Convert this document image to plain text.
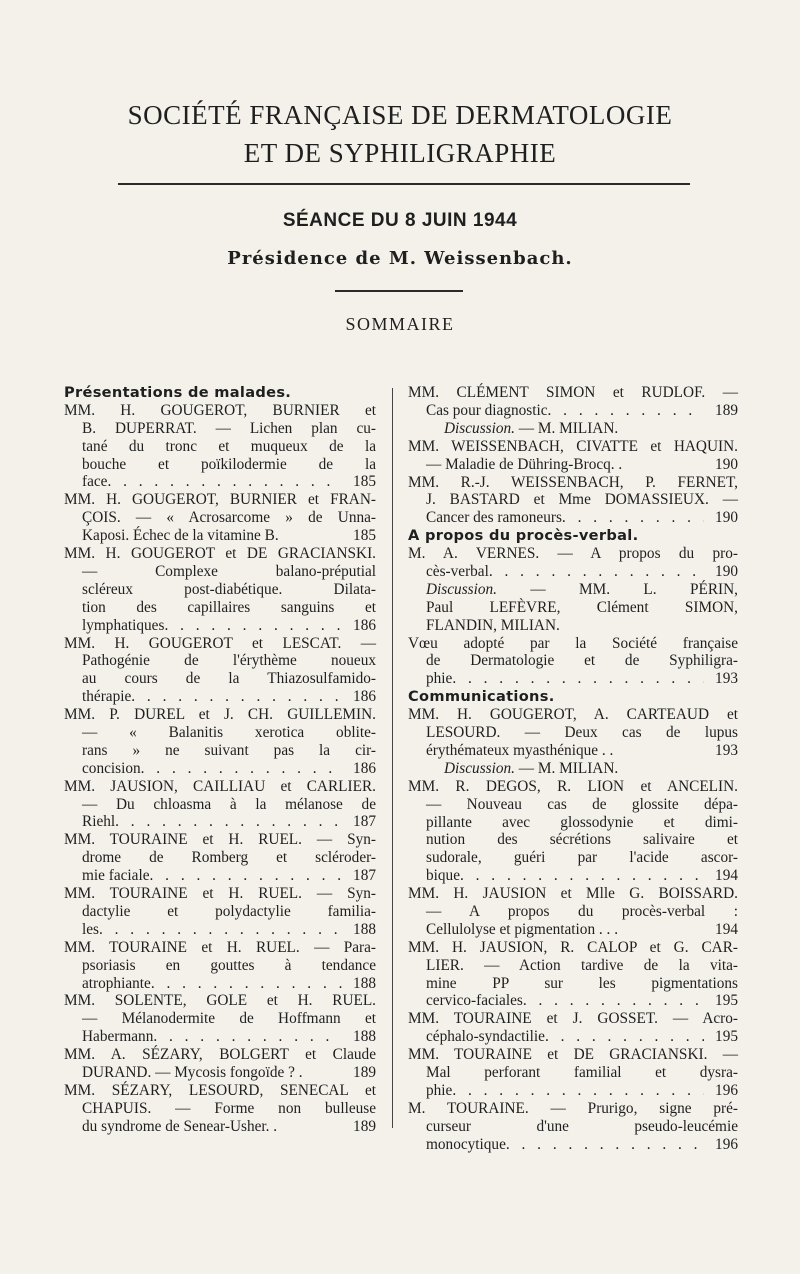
SOCIÉTÉ FRANÇAISE DE DERMATOLOGIE
ET DE SYPHILIGRAPHIE
SÉANCE DU 8 JUIN 1944
Présidence de M. Weissenbach.
SOMMAIRE
Présentations de malades.
MM. H. GOUGEROT, BURNIER et
B. DUPERRAT. — Lichen plan cu-
tané du tronc et muqueux de la
bouche et poïkilodermie de la
face . . .	185
MM. H. GOUGEROT, BURNIER et FRAN-
ÇOIS. — « Acrosarcome » de Unna-
Kaposi. Échec de la vitamine B.	185
MM. H. GOUGEROT et DE GRACIANSKI.
— Complexe balano-préputial
scléreux post-diabétique. Dilata-
tion des capillaires sanguins et
lymphatiques . . .	186
MM. H. GOUGEROT et LESCAT. —
Pathogénie de l'érythème noueux
au cours de la Thiazosulfamido-
thérapie . . .	186
MM. P. DUREL et J. CH. GUILLEMIN.
— « Balanitis xerotica oblite-
rans » ne suivant pas la cir-
concision . . .	186
MM. JAUSION, CAILLIAU et CARLIER.
— Du chloasma à la mélanose de
Riehl . . .	187
MM. TOURAINE et H. RUEL. — Syn-
drome de Romberg et scléroder-
mie faciale . . .	187
MM. TOURAINE et H. RUEL. — Syn-
dactylie et polydactylie familia-
les . . .	188
MM. TOURAINE et H. RUEL. — Para-
psoriasis en gouttes à tendance
atrophiante . . .	188
MM. SOLENTE, GOLE et H. RUEL.
— Mélanodermite de Hoffmann et
Habermann . . .	188
MM. A. SÉZARY, BOLGERT et Claude
DURAND. — Mycosis fongoïde ? .	189
MM. SÉZARY, LESOURD, SENECAL et
CHAPUIS. — Forme non bulleuse
du syndrome de Senear-Usher. .	189
MM. CLÉMENT SIMON et RUDLOF. —
Cas pour diagnostic . . .	189
Discussion. — M. MILIAN.
MM. WEISSENBACH, CIVATTE et HAQUIN.
— Maladie de Dühring-Brocq. .	190
MM. R.-J. WEISSENBACH, P. FERNET,
J. BASTARD et Mme DOMASSIEUX. —
Cancer des ramoneurs . . .	190
A propos du procès-verbal.
M. A. VERNES. — A propos du pro-
cès-verbal . . .	190
Discussion. — MM. L. PÉRIN,
Paul LEFÈVRE, Clément SIMON,
FLANDIN, MILIAN.
Vœu adopté par la Société française
de Dermatologie et de Syphiligra-
phie . . .	193
Communications.
MM. H. GOUGEROT, A. CARTEAUD et
LESOURD. — Deux cas de lupus
érythémateux myasthénique . .	193
Discussion. — M. MILIAN.
MM. R. DEGOS, R. LION et ANCELIN.
— Nouveau cas de glossite dépa-
pillante avec glossodynie et dimi-
nution des sécrétions salivaire et
sudorale, guéri par l'acide ascor-
bique . . .	194
MM. H. JAUSION et Mlle G. BOISSARD.
— A propos du procès-verbal :
Cellulolyse et pigmentation . . .	194
MM. H. JAUSION, R. CALOP et G. CAR-
LIER. — Action tardive de la vita-
mine PP sur les pigmentations
cervico-faciales . . .	195
MM. TOURAINE et J. GOSSET. — Acro-
céphalo-syndactilie . . .	195
MM. TOURAINE et DE GRACIANSKI. —
Mal perforant familial et dysra-
phie . . .	196
M. TOURAINE. — Prurigo, signe pré-
curseur d'une pseudo-leucémie
monocytique . . .	196
